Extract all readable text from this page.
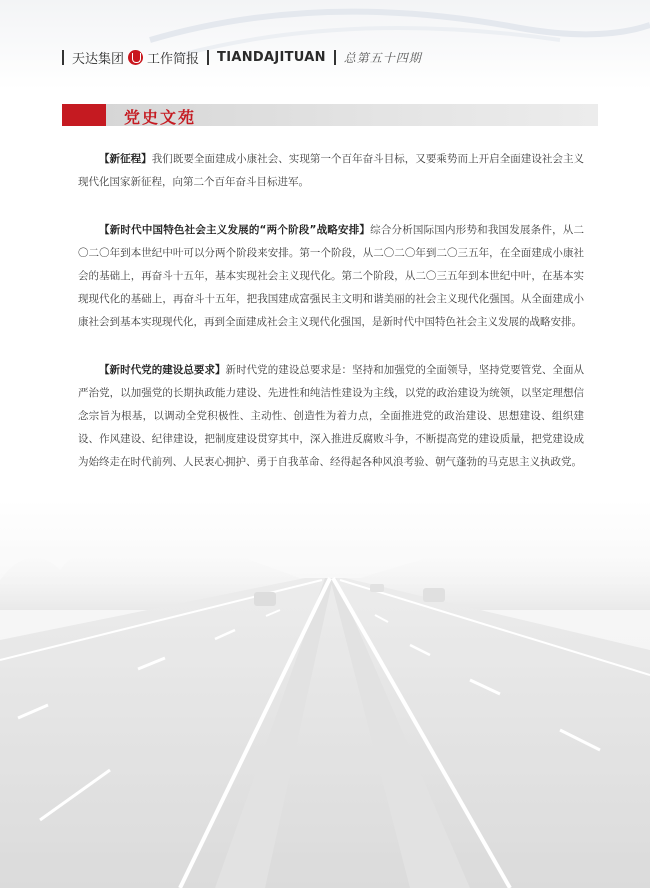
天达集团 工作简报 TIANDAJITUAN 总第五十四期
党史文苑

【新征程】我们既要全面建成小康社会、实现第一个百年奋斗目标，又要乘势而上开启全面建设社会主义现代化国家新征程，向第二个百年奋斗目标进军。

【新时代中国特色社会主义发展的“两个阶段”战略安排】综合分析国际国内形势和我国发展条件，从二〇二〇年到本世纪中叶可以分两个阶段来安排。第一个阶段，从二〇二〇年到二〇三五年，在全面建成小康社会的基础上，再奋斗十五年，基本实现社会主义现代化。第二个阶段，从二〇三五年到本世纪中叶，在基本实现现代化的基础上，再奋斗十五年，把我国建成富强民主文明和谐美丽的社会主义现代化强国。从全面建成小康社会到基本实现现代化，再到全面建成社会主义现代化强国，是新时代中国特色社会主义发展的战略安排。

【新时代党的建设总要求】新时代党的建设总要求是：坚持和加强党的全面领导，坚持党要管党、全面从严治党，以加强党的长期执政能力建设、先进性和纯洁性建设为主线，以党的政治建设为统领，以坚定理想信念宗旨为根基，以调动全党积极性、主动性、创造性为着力点，全面推进党的政治建设、思想建设、组织建设、作风建设、纪律建设，把制度建设贯穿其中，深入推进反腐败斗争，不断提高党的建设质量，把党建设成为始终走在时代前列、人民衷心拥护、勇于自我革命、经得起各种风浪考验、朝气蓬勃的马克思主义执政党。
